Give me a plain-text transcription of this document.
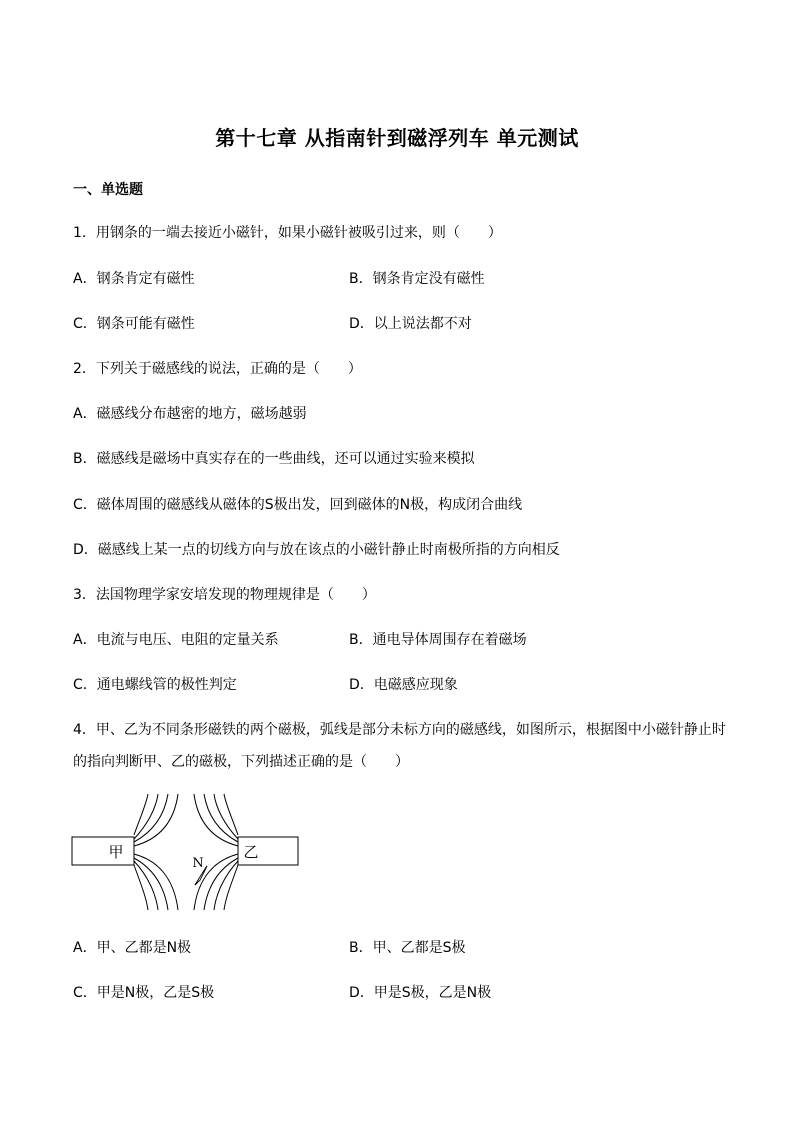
第十七章 从指南针到磁浮列车 单元测试
一、单选题
1．用钢条的一端去接近小磁针，如果小磁针被吸引过来，则（　　）
A．钢条肯定有磁性	B．钢条肯定没有磁性
C．钢条可能有磁性	D．以上说法都不对
2．下列关于磁感线的说法，正确的是（　　）
A．磁感线分布越密的地方，磁场越弱
B．磁感线是磁场中真实存在的一些曲线，还可以通过实验来模拟
C．磁体周围的磁感线从磁体的S极出发，回到磁体的N极，构成闭合曲线
D．磁感线上某一点的切线方向与放在该点的小磁针静止时南极所指的方向相反
3．法国物理学家安培发现的物理规律是（　　）
A．电流与电压、电阻的定量关系	B．通电导体周围存在着磁场
C．通电螺线管的极性判定	D．电磁感应现象
4．甲、乙为不同条形磁铁的两个磁极，弧线是部分未标方向的磁感线，如图所示，根据图中小磁针静止时
的指向判断甲、乙的磁极，下列描述正确的是（　　）
甲	乙
N
A．甲、乙都是N极	B．甲、乙都是S极
C．甲是N极，乙是S极	D．甲是S极，乙是N极
